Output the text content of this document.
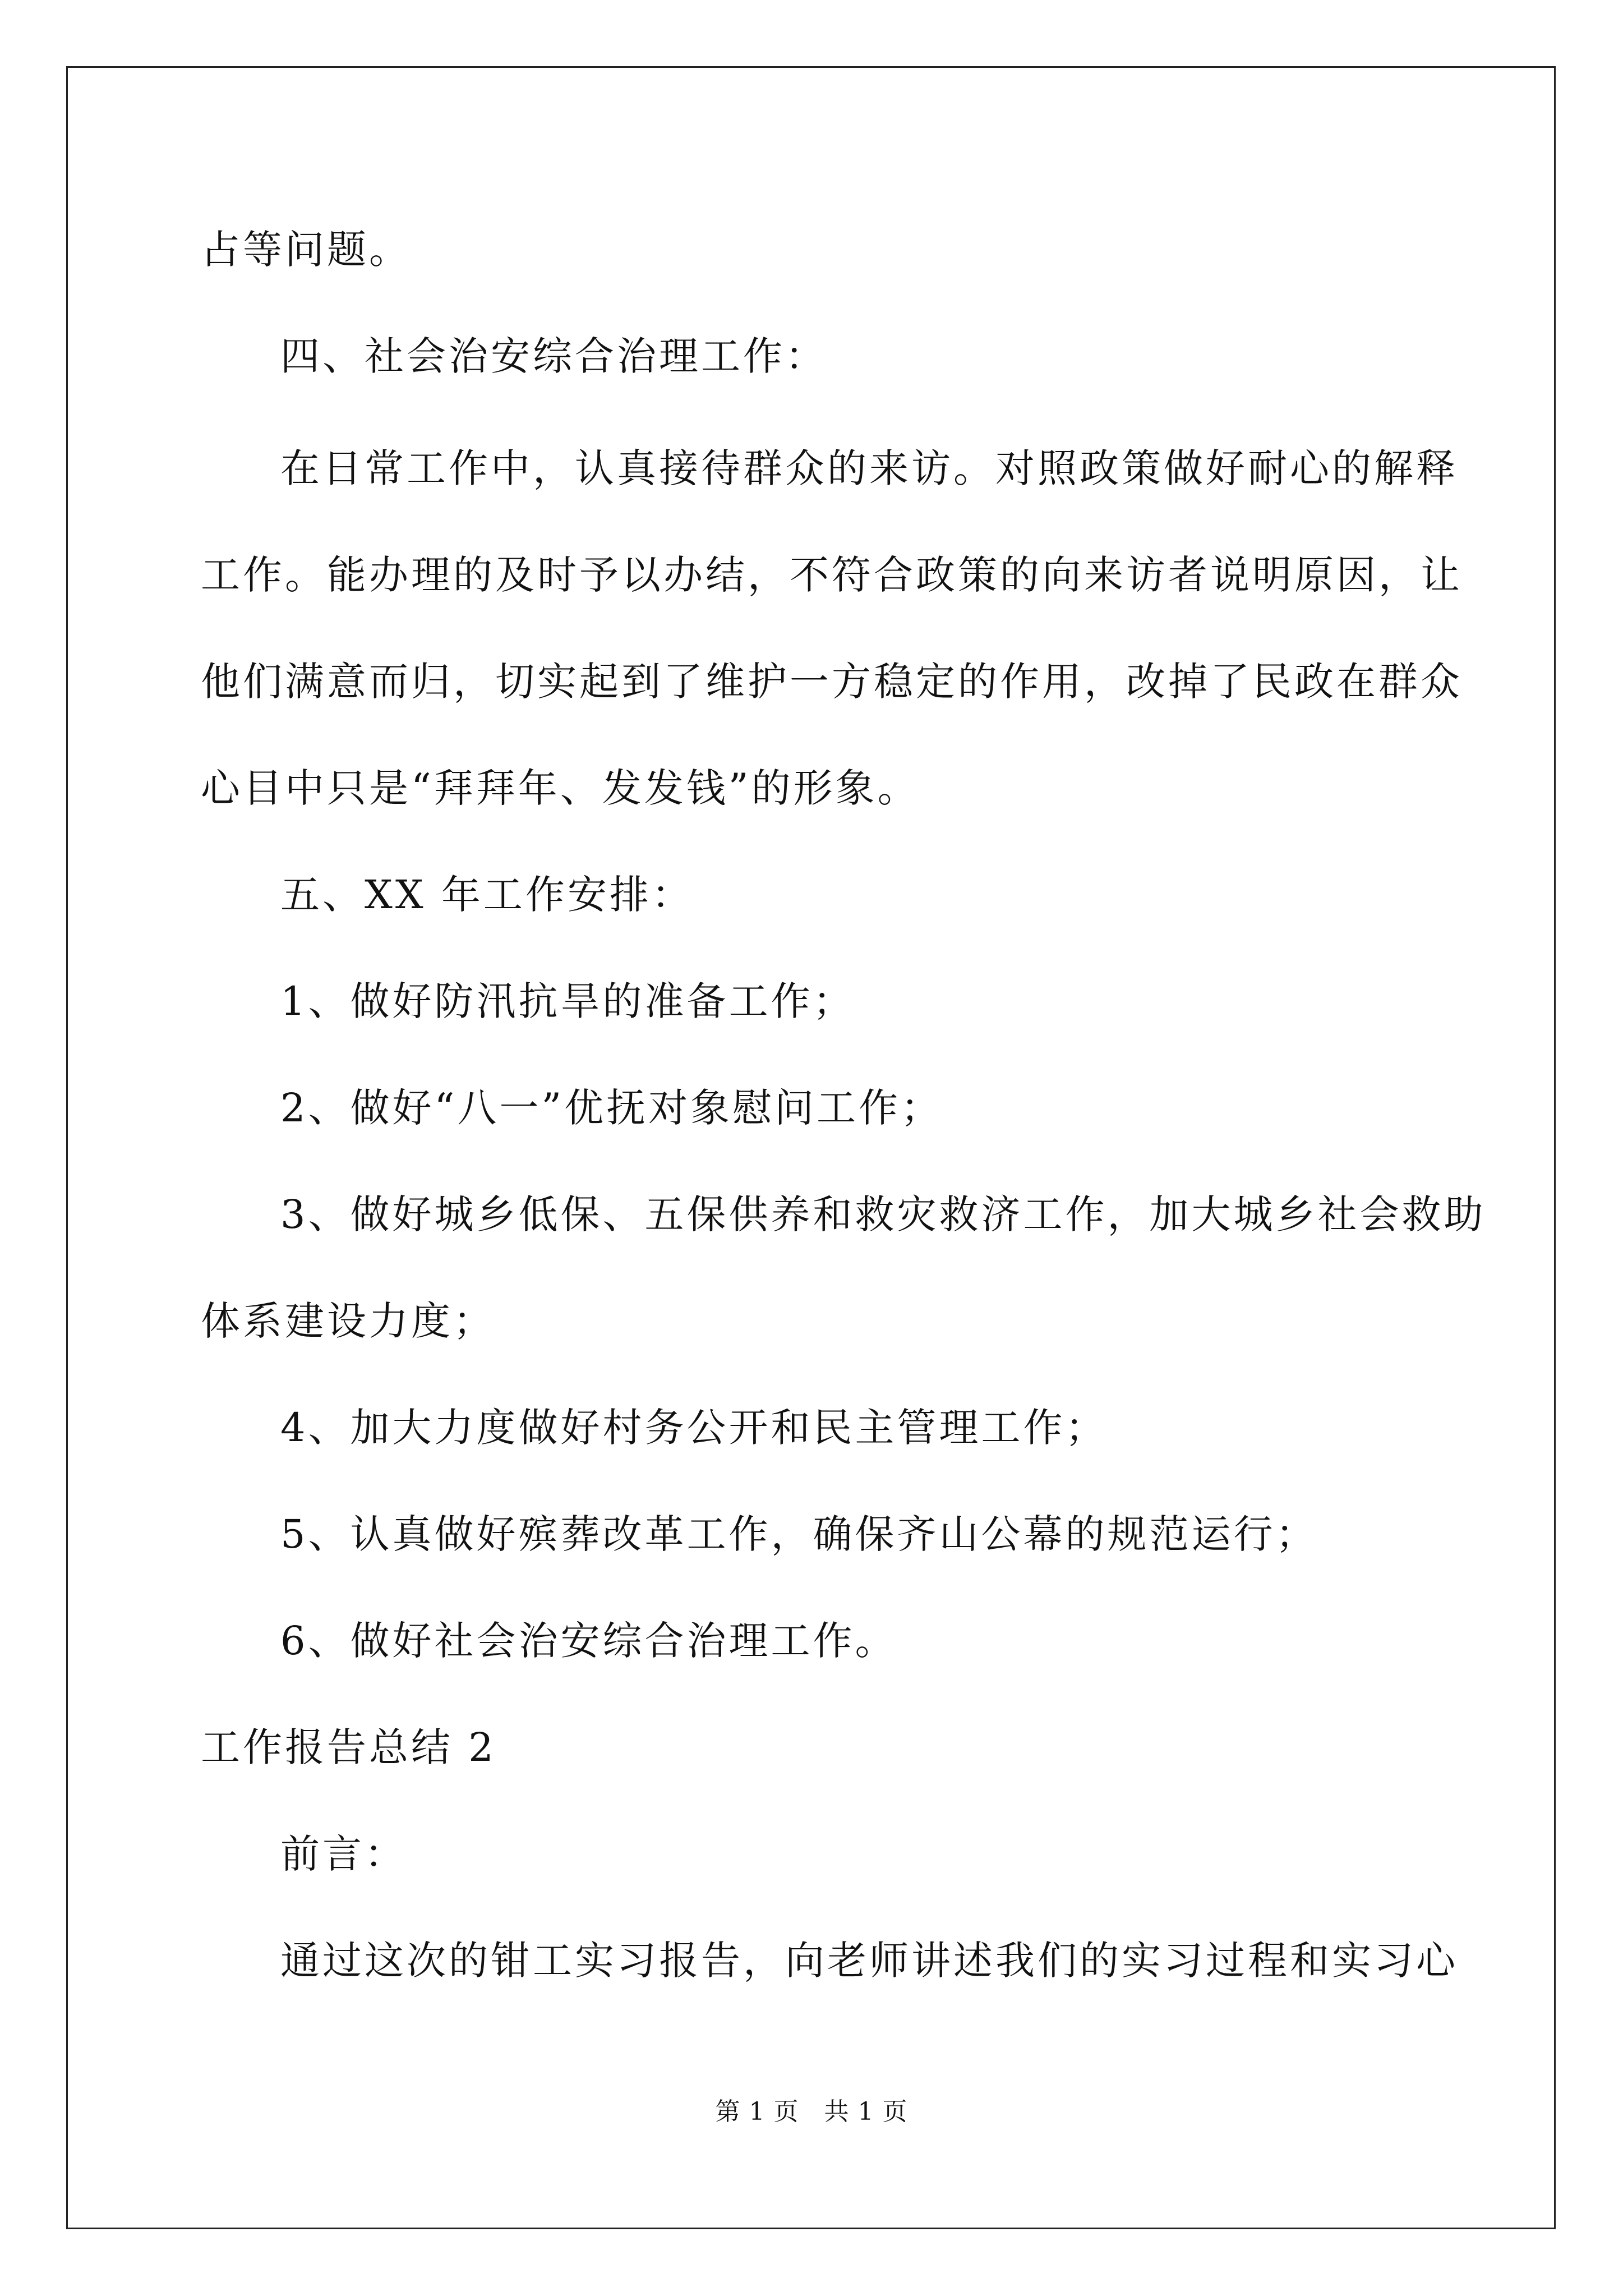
占等问题。
四、社会治安综合治理工作：
在日常工作中，认真接待群众的来访。对照政策做好耐心的解释
工作。能办理的及时予以办结，不符合政策的向来访者说明原因，让
他们满意而归，切实起到了维护一方稳定的作用，改掉了民政在群众
心目中只是“拜拜年、发发钱”的形象。
五、XX 年工作安排：
1、做好防汛抗旱的准备工作；
2、做好“八一”优抚对象慰问工作；
3、做好城乡低保、五保供养和救灾救济工作，加大城乡社会救助
体系建设力度；
4、加大力度做好村务公开和民主管理工作；
5、认真做好殡葬改革工作，确保齐山公幕的规范运行；
6、做好社会治安综合治理工作。
工作报告总结 2
前言：
通过这次的钳工实习报告，向老师讲述我们的实习过程和实习心
第 1 页   共 1 页
